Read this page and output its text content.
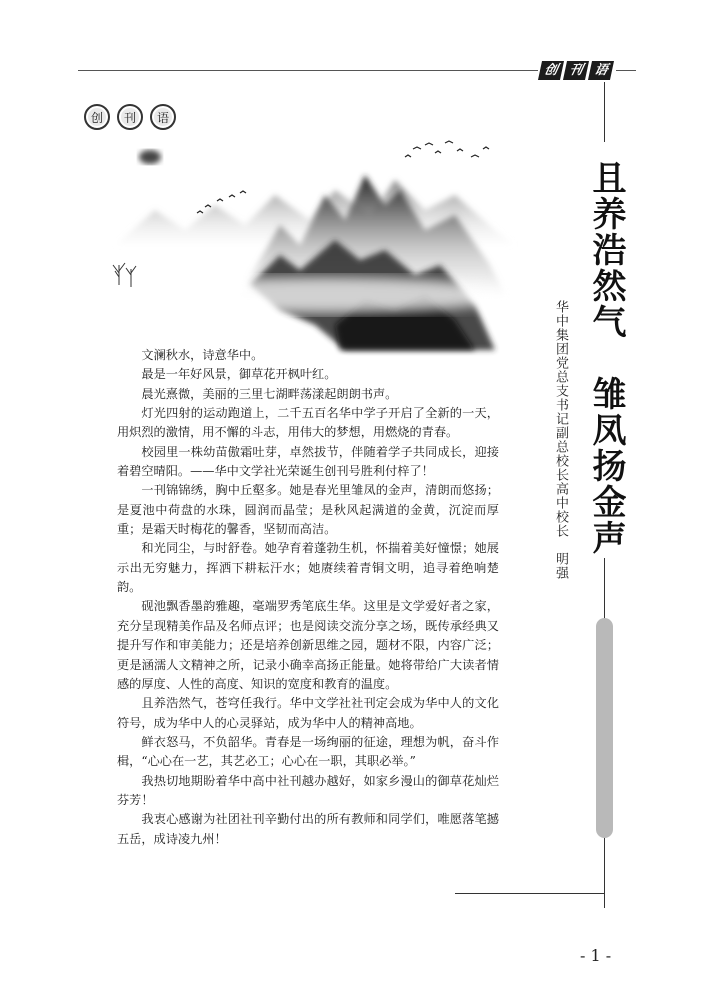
创 刊 语
创	刊	语
且养浩然气　雏凤扬金声
华中集团党总支书记副总校长高中校长　明强

文澜秋水，诗意华中。

最是一年好风景，御草花开枫叶红。

晨光熹微，美丽的三里七湖畔荡漾起朗朗书声。

灯光四射的运动跑道上，二千五百名华中学子开启了全新的一天，用炽烈的激情，用不懈的斗志，用伟大的梦想，用燃烧的青春。

校园里一株幼苗傲霜吐芽，卓然拔节，伴随着学子共同成长，迎接着碧空晴阳。——华中文学社光荣诞生创刊号胜利付梓了！

一刊锦锦绣，胸中丘壑多。她是春光里雏凤的金声，清朗而悠扬；是夏池中荷盘的水珠，圆润而晶莹；是秋风起满道的金黄，沉淀而厚重；是霜天时梅花的馨香，坚韧而高洁。

和光同尘，与时舒卷。她孕育着蓬勃生机，怀揣着美好憧憬；她展示出无穷魅力，挥洒下耕耘汗水；她赓续着青铜文明，追寻着绝响楚韵。

砚池飘香墨韵雅趣，毫端罗秀笔底生华。这里是文学爱好者之家，充分呈现精美作品及名师点评；也是阅读交流分享之场，既传承经典又提升写作和审美能力；还是培养创新思维之园，题材不限，内容广泛；更是涵濡人文精神之所，记录小确幸高扬正能量。她将带给广大读者情感的厚度、人性的高度、知识的宽度和教育的温度。

且养浩然气，苍穹任我行。华中文学社社刊定会成为华中人的文化符号，成为华中人的心灵驿站，成为华中人的精神高地。

鲜衣怒马，不负韶华。青春是一场绚丽的征途，理想为帆，奋斗作楫，“心心在一艺，其艺必工；心心在一职，其职必举。”

我热切地期盼着华中高中社刊越办越好，如家乡漫山的御草花灿烂芬芳！

我衷心感谢为社团社刊辛勤付出的所有教师和同学们，唯愿落笔撼五岳，成诗凌九州！

- 1 -
